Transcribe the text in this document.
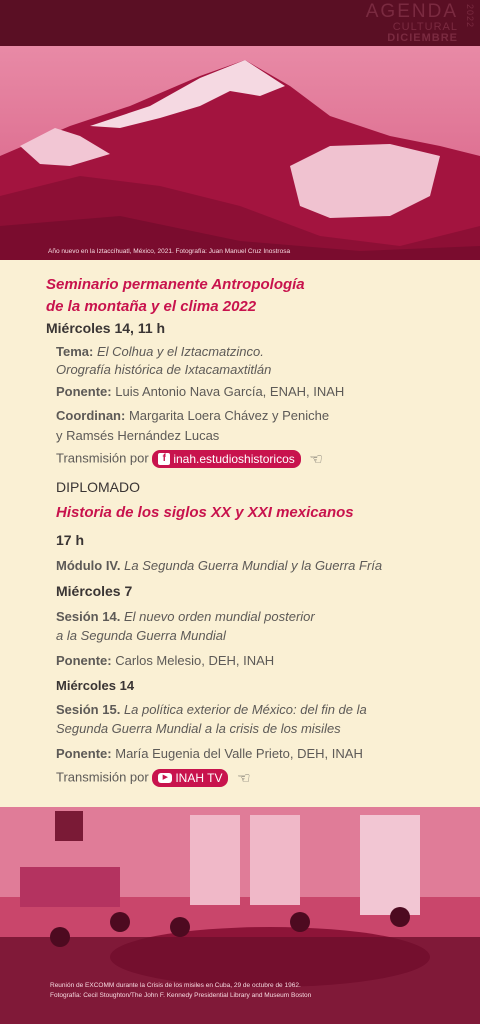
AGENDA
CULTURAL
DICIEMBRE
2022
Año nuevo en la Iztaccíhuatl, México, 2021. Fotografía: Juan Manuel Cruz Inostrosa
Seminario permanente Antropología
de la montaña y el clima 2022
Miércoles 14, 11 h
Tema: El Colhua y el Iztacmatzinco.
Orografía histórica de Ixtacamaxtitlán
Ponente: Luis Antonio Nava García, ENAH, INAH
Coordinan: Margarita Loera Chávez y Peniche
y Ramsés Hernández Lucas
Transmisión por	f inah.estudioshistoricos ☜
DIPLOMADO
Historia de los siglos XX y XXI mexicanos
17 h
Módulo IV. La Segunda Guerra Mundial y la Guerra Fría
Miércoles 7
Sesión 14. El nuevo orden mundial posterior
a la Segunda Guerra Mundial
Ponente: Carlos Melesio, DEH, INAH
Miércoles 14
Sesión 15. La política exterior de México: del fin de la
Segunda Guerra Mundial a la crisis de los misiles
Ponente: María Eugenia del Valle Prieto, DEH, INAH
Transmisión por	▶ INAH TV ☜
Reunión de EXCOMM durante la Crisis de los misiles en Cuba, 29 de octubre de 1962.
Fotografía: Cecil Stoughton/The John F. Kennedy Presidential Library and Museum Boston
